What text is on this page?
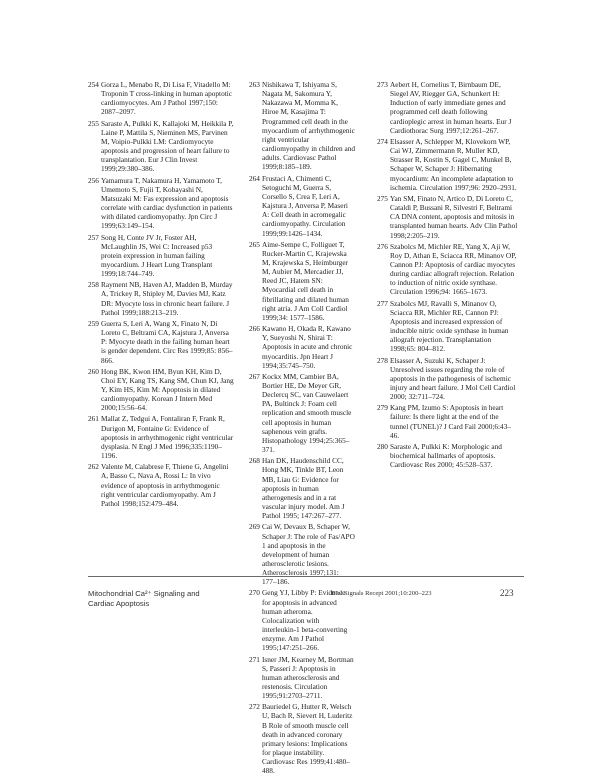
254 Gorza L, Menabo R, Di Lisa F, Vitadello M: Troponin T cross-linking in human apoptotic cardiomyocytes. Am J Pathol 1997;150: 2087–2097.
255 Saraste A, Pulkki K, Kallajoki M, Heikkila P, Laine P, Mattila S, Nieminen MS, Parvinen M, Voipio-Pulkki LM: Cardiomyocyte apoptosis and progression of heart failure to transplantation. Eur J Clin Invest 1999;29:380–386.
256 Yamamura T, Nakamura H, Yamamoto T, Umemoto S, Fujii T, Kobayashi N, Matsuzaki M: Fas expression and apoptosis correlate with cardiac dysfunction in patients with dilated cardiomyopathy. Jpn Circ J 1999;63:149–154.
257 Song H, Conte JV Jr, Foster AH, McLaughlin JS, Wei C: Increased p53 protein expression in human failing myocardium. J Heart Lung Transplant 1999;18:744–749.
258 Rayment NB, Haven AJ, Madden B, Murday A, Trickey R, Shipley M, Davies MJ, Katz DR: Myocyte loss in chronic heart failure. J Pathol 1999;188:213–219.
259 Guerra S, Leri A, Wang X, Finato N, Di Loreto C, Beltrami CA, Kajstura J, Anversa P: Myocyte death in the failing human heart is gender dependent. Circ Res 1999;85: 856–866.
260 Hong BK, Kwon HM, Byun KH, Kim D, Choi EY, Kang TS, Kang SM, Chun KJ, Jang Y, Kim HS, Kim M: Apoptosis in dilated cardiomyopathy. Korean J Intern Med 2000;15:56–64.
261 Mallat Z, Tedgui A, Fontaliran F, Frank R, Durigon M, Fontaine G: Evidence of apoptosis in arrhythmogenic right ventricular dysplasia. N Engl J Med 1996;335:1190–1196.
262 Valente M, Calabrese F, Thiene G, Angelini A, Basso C, Nava A, Rossi L: In vivo evidence of apoptosis in arrhythmogenic right ventricular cardiomyopathy. Am J Pathol 1998;152:479–484.
263 Nishikawa T, Ishiyama S, Nagata M, Sakomura Y, Nakazawa M, Momma K, Hiroe M, Kasajima T: Programmed cell death in the myocardium of arrhythmogenic right ventricular cardiomyopathy in children and adults. Cardiovasc Pathol 1999;8:185–189.
264 Frustaci A, Chimenti C, Setoguchi M, Guerra S, Corsello S, Crea F, Leri A, Kajstura J, Anversa P, Maseri A: Cell death in acromegalic cardiomyopathy. Circulation 1999;99:1426–1434.
265 Aime-Sempe C, Folliguet T, Rucker-Martin C, Krajewska M, Krajewska S, Heimburger M, Aubier M, Mercadier JJ, Reed JC, Hatem SN: Myocardial cell death in fibrillating and dilated human right atria. J Am Coll Cardiol 1999;34: 1577–1586.
266 Kawano H, Okada R, Kawano Y, Sueyoshi N, Shirai T: Apoptosis in acute and chronic myocarditis. Jpn Heart J 1994;35:745–750.
267 Kockx MM, Cambier BA, Bortier HE, De Meyer GR, Declercq SC, van Cauwelaert PA, Bultinck J: Foam cell replication and smooth muscle cell apoptosis in human saphenous vein grafts. Histopathology 1994;25:365–371.
268 Han DK, Haudenschild CC, Hong MK, Tinkle BT, Leon MB, Liau G: Evidence for apoptosis in human atherogenesis and in a rat vascular injury model. Am J Pathol 1995; 147:267–277.
269 Cai W, Devaux B, Schaper W, Schaper J: The role of Fas/APO 1 and apoptosis in the development of human atherosclerotic lesions. Atherosclerosis 1997;131: 177–186.
270 Geng YJ, Libby P: Evidence for apoptosis in advanced human atheroma. Colocalization with interleukin-1 beta-converting enzyme. Am J Pathol 1995;147:251–266.
271 Isner JM, Kearney M, Bortman S, Passeri J: Apoptosis in human atherosclerosis and restenosis. Circulation 1995;91:2703–2711.
272 Bauriedel G, Hutter R, Welsch U, Bach R, Sievert H, Luderitz B Role of smooth muscle cell death in advanced coronary primary lesions: Implications for plaque instability. Cardiovasc Res 1999;41:480–488.
273 Aebert H, Cornelius T, Birnbaum DE, Siegel AV, Riegger GA, Schunkert H: Induction of early immediate genes and programmed cell death following cardioplegic arrest in human hearts. Eur J Cardiothorac Surg 1997;12:261–267.
274 Elsasser A, Schlepper M, Klovekorn WP, Cai WJ, Zimmermann R, Muller KD, Strasser R, Kostin S, Gagel C, Munkel B, Schaper W, Schaper J: Hibernating myocardium: An incomplete adaptation to ischemia. Circulation 1997;96: 2920–2931.
275 Yan SM, Finato N, Artico D, Di Loreto C, Cataldi P, Bussani R, Silvestri F, Beltrami CA DNA content, apoptosis and mitosis in transplanted human hearts. Adv Clin Pathol 1998;2:205–219.
276 Szabolcs M, Michler RE, Yang X, Aji W, Roy D, Athan E, Sciacca RR, Minanov OP, Cannon PJ: Apoptosis of cardiac myocytes during cardiac allograft rejection. Relation to induction of nitric oxide synthase. Circulation 1996;94: 1665–1673.
277 Szabolcs MJ, Ravalli S, Minanov O, Sciacca RR, Michler RE, Cannon PJ: Apoptosis and increased expression of inducible nitric oxide synthase in human allograft rejection. Transplantation 1998;65: 804–812.
278 Elsasser A, Suzuki K, Schaper J: Unresolved issues regarding the role of apoptosis in the pathogenesis of ischemic injury and heart failure. J Mol Cell Cardiol 2000; 32:711–724.
279 Kang PM, Izumo S: Apoptosis in heart failure: Is there light at the end of the tunnel (TUNEL)? J Card Fail 2000;6:43–46.
280 Saraste A, Pulkki K: Morphologic and biochemical hallmarks of apoptosis. Cardiovasc Res 2000; 45:528–537.
Mitochondrial Ca²⁺ Signaling and
Cardiac Apoptosis
Biol Signals Recept 2001;10:200–223	223
